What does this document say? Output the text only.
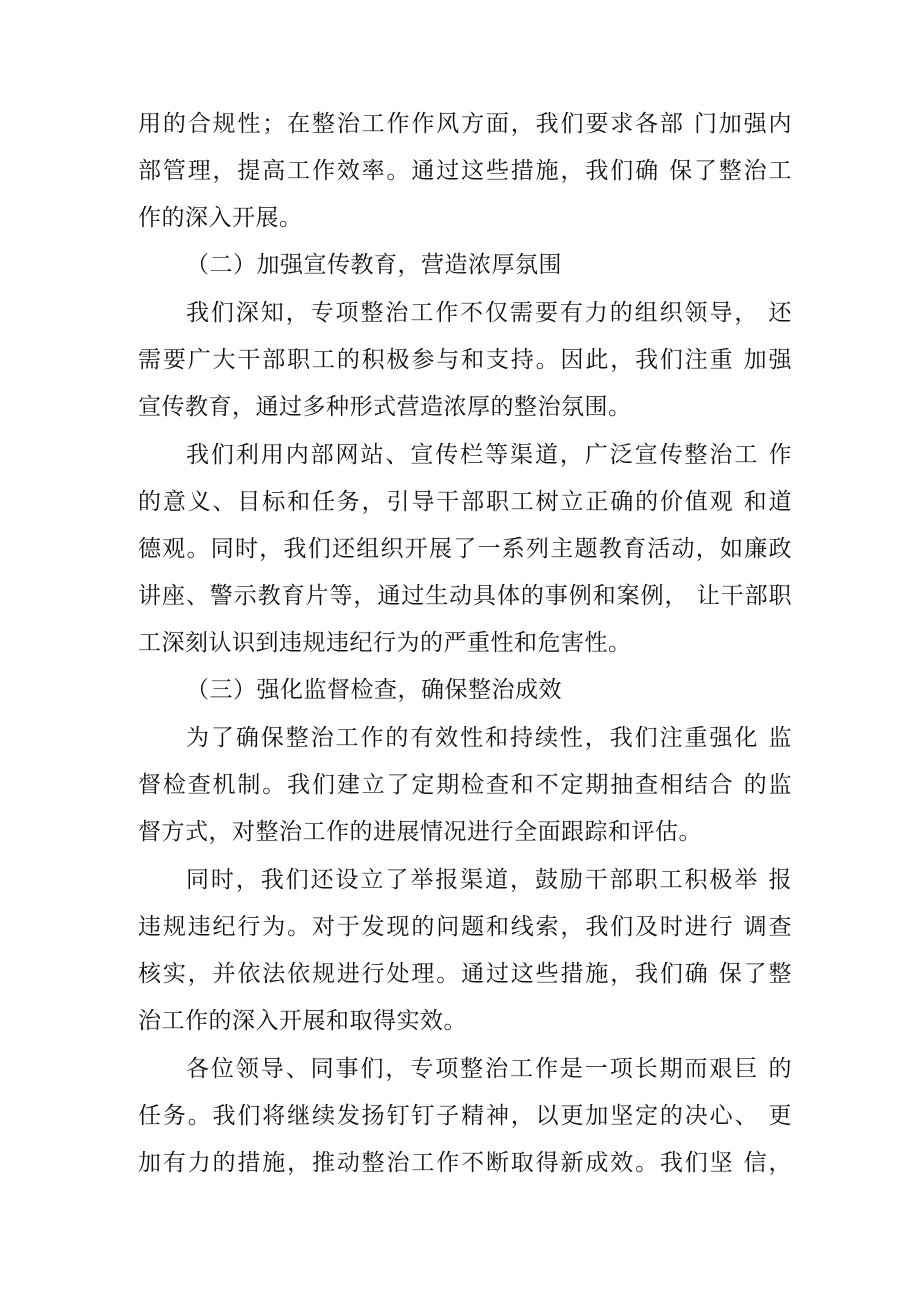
用的合规性；在整治工作作风方面，我们要求各部 门加强内
部管理，提高工作效率。通过这些措施，我们确 保了整治工
作的深入开展。
（二）加强宣传教育，营造浓厚氛围
我们深知，专项整治工作不仅需要有力的组织领导， 还
需要广大干部职工的积极参与和支持。因此，我们注重 加强
宣传教育，通过多种形式营造浓厚的整治氛围。
我们利用内部网站、宣传栏等渠道，广泛宣传整治工 作
的意义、目标和任务，引导干部职工树立正确的价值观 和道
德观。同时，我们还组织开展了一系列主题教育活动，如廉政
讲座、警示教育片等，通过生动具体的事例和案例， 让干部职
工深刻认识到违规违纪行为的严重性和危害性。
（三）强化监督检查，确保整治成效
为了确保整治工作的有效性和持续性，我们注重强化 监
督检查机制。我们建立了定期检查和不定期抽查相结合 的监
督方式，对整治工作的进展情况进行全面跟踪和评估。
同时，我们还设立了举报渠道，鼓励干部职工积极举 报
违规违纪行为。对于发现的问题和线索，我们及时进行 调查
核实，并依法依规进行处理。通过这些措施，我们确 保了整
治工作的深入开展和取得实效。
各位领导、同事们，专项整治工作是一项长期而艰巨 的
任务。我们将继续发扬钉钉子精神，以更加坚定的决心、 更
加有力的措施，推动整治工作不断取得新成效。我们坚 信，
